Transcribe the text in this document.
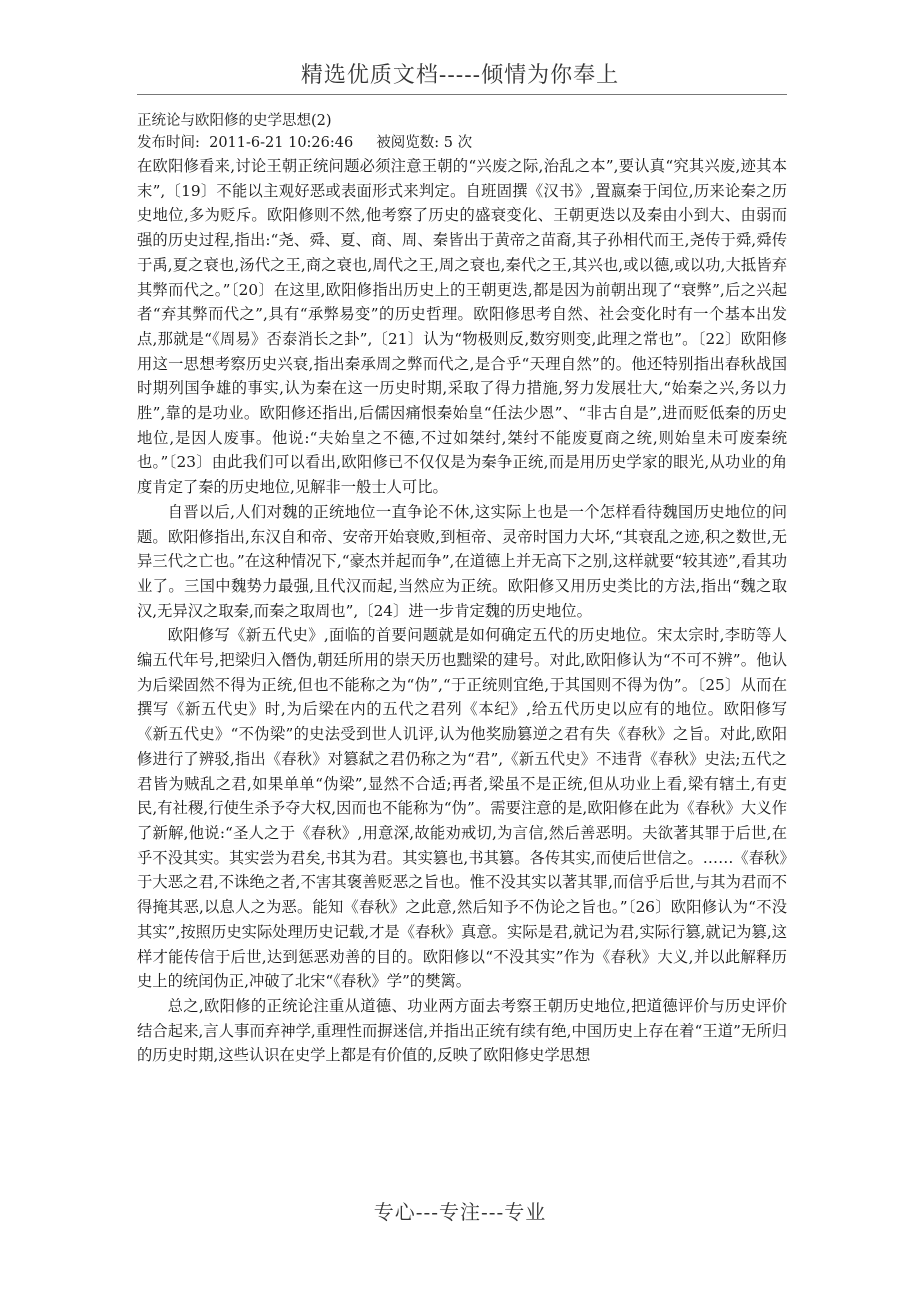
精选优质文档-----倾情为你奉上

正统论与欧阳修的史学思想(2)

发布时间:  2011-6-21 10:26:46     被阅览数: 5 次

在欧阳修看来,讨论王朝正统问题必须注意王朝的“兴废之际,治乱之本”,要认真“究其兴废,迹其本末”,〔19〕不能以主观好恶或表面形式来判定。自班固撰《汉书》,置嬴秦于闰位,历来论秦之历史地位,多为贬斥。欧阳修则不然,他考察了历史的盛衰变化、王朝更迭以及秦由小到大、由弱而强的历史过程,指出:“尧、舜、夏、商、周、秦皆出于黄帝之苗裔,其子孙相代而王,尧传于舜,舜传于禹,夏之衰也,汤代之王,商之衰也,周代之王,周之衰也,秦代之王,其兴也,或以德,或以功,大抵皆弃其弊而代之。”〔20〕在这里,欧阳修指出历史上的王朝更迭,都是因为前朝出现了“衰弊”,后之兴起者“弃其弊而代之”,具有“承弊易变”的历史哲理。欧阳修思考自然、社会变化时有一个基本出发点,那就是“《周易》否泰消长之卦”,〔21〕认为“物极则反,数穷则变,此理之常也”。〔22〕欧阳修用这一思想考察历史兴衰,指出秦承周之弊而代之,是合乎“天理自然”的。他还特别指出春秋战国时期列国争雄的事实,认为秦在这一历史时期,采取了得力措施,努力发展壮大,“始秦之兴,务以力胜”,靠的是功业。欧阳修还指出,后儒因痛恨秦始皇“任法少恩”、“非古自是”,进而贬低秦的历史地位,是因人废事。他说:“夫始皇之不德,不过如桀纣,桀纣不能废夏商之统,则始皇未可废秦统也。”〔23〕由此我们可以看出,欧阳修已不仅仅是为秦争正统,而是用历史学家的眼光,从功业的角度肯定了秦的历史地位,见解非一般士人可比。

自晋以后,人们对魏的正统地位一直争论不休,这实际上也是一个怎样看待魏国历史地位的问题。欧阳修指出,东汉自和帝、安帝开始衰败,到桓帝、灵帝时国力大坏,“其衰乱之迹,积之数世,无异三代之亡也。”在这种情况下,“豪杰并起而争”,在道德上并无高下之别,这样就要“较其迹”,看其功业了。三国中魏势力最强,且代汉而起,当然应为正统。欧阳修又用历史类比的方法,指出“魏之取汉,无异汉之取秦,而秦之取周也”,〔24〕进一步肯定魏的历史地位。

欧阳修写《新五代史》,面临的首要问题就是如何确定五代的历史地位。宋太宗时,李昉等人编五代年号,把梁归入僭伪,朝廷所用的崇天历也黜梁的建号。对此,欧阳修认为“不可不辨”。他认为后梁固然不得为正统,但也不能称之为“伪”,“于正统则宜绝,于其国则不得为伪”。〔25〕从而在撰写《新五代史》时,为后梁在内的五代之君列《本纪》,给五代历史以应有的地位。欧阳修写《新五代史》“不伪梁”的史法受到世人讥评,认为他奖励篡逆之君有失《春秋》之旨。对此,欧阳修进行了辨驳,指出《春秋》对篡弑之君仍称之为“君”,《新五代史》不违背《春秋》史法;五代之君皆为贼乱之君,如果单单“伪梁”,显然不合适;再者,梁虽不是正统,但从功业上看,梁有辖土,有吏民,有社稷,行使生杀予夺大权,因而也不能称为“伪”。需要注意的是,欧阳修在此为《春秋》大义作了新解,他说:“圣人之于《春秋》,用意深,故能劝戒切,为言信,然后善恶明。夫欲著其罪于后世,在乎不没其实。其实尝为君矣,书其为君。其实篡也,书其篡。各传其实,而使后世信之。……《春秋》于大恶之君,不诛绝之者,不害其褒善贬恶之旨也。惟不没其实以著其罪,而信乎后世,与其为君而不得掩其恶,以息人之为恶。能知《春秋》之此意,然后知予不伪论之旨也。”〔26〕欧阳修认为“不没其实”,按照历史实际处理历史记载,才是《春秋》真意。实际是君,就记为君,实际行篡,就记为篡,这样才能传信于后世,达到惩恶劝善的目的。欧阳修以“不没其实”作为《春秋》大义,并以此解释历史上的统闰伪正,冲破了北宋“《春秋》学”的樊篱。

总之,欧阳修的正统论注重从道德、功业两方面去考察王朝历史地位,把道德评价与历史评价结合起来,言人事而弃神学,重理性而摒迷信,并指出正统有续有绝,中国历史上存在着“王道”无所归的历史时期,这些认识在史学上都是有价值的,反映了欧阳修史学思想

专心---专注---专业
